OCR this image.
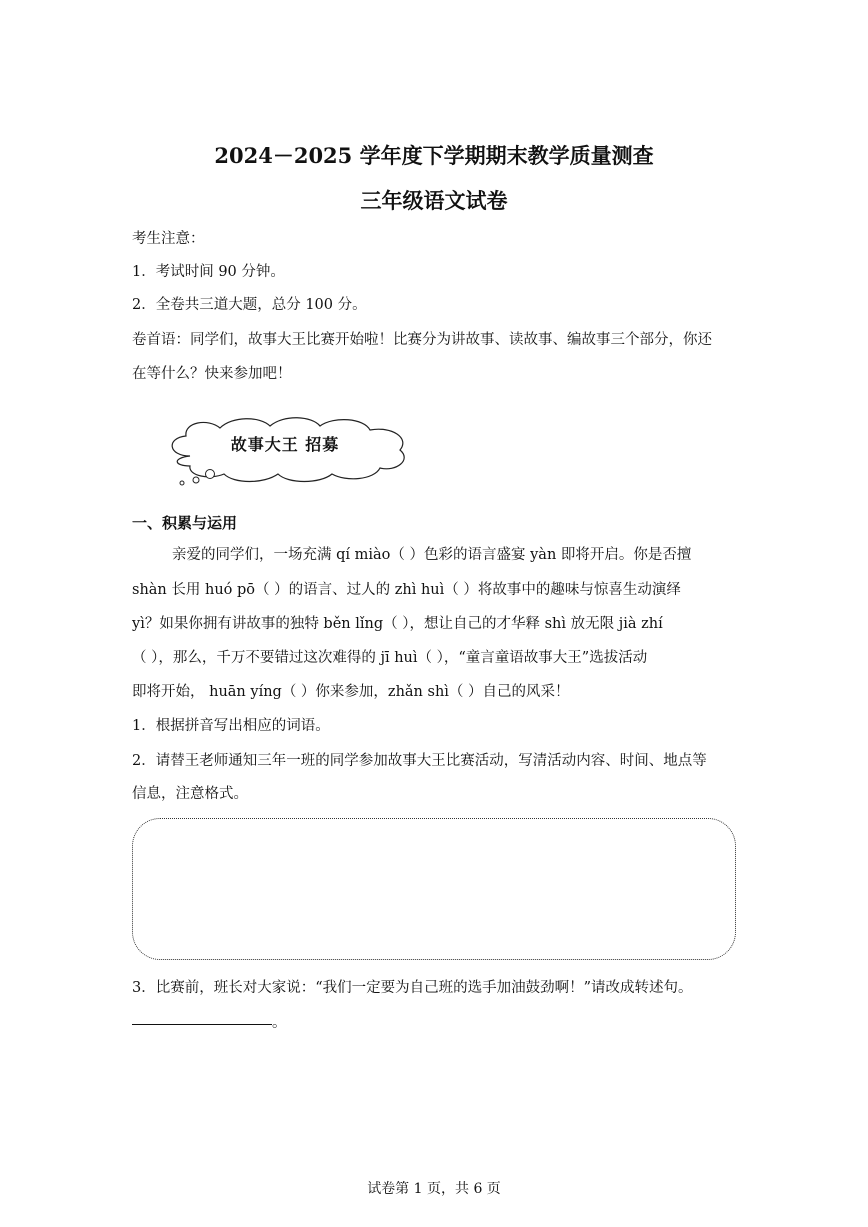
2024－2025 学年度下学期期末教学质量测查
三年级语文试卷
考生注意：
1．考试时间 90 分钟。
2．全卷共三道大题，总分 100 分。
卷首语：同学们，故事大王比赛开始啦！比赛分为讲故事、读故事、编故事三个部分，你还
在等什么？快来参加吧！
故事大王 招募
一、积累与运用
亲爱的同学们，一场充满 qí miào（ ）色彩的语言盛宴 yàn 即将开启。你是否擅
shàn 长用 huó pō（ ）的语言、过人的 zhì huì（ ）将故事中的趣味与惊喜生动演绎
yì？如果你拥有讲故事的独特 běn lǐng（ ），想让自己的才华释 shì 放无限 jià zhí
（ ），那么，千万不要错过这次难得的 jī huì（ ），“童言童语故事大王”选拔活动
即将开始， huān yíng（ ）你来参加，zhǎn shì（ ）自己的风采！
1．根据拼音写出相应的词语。
2．请替王老师通知三年一班的同学参加故事大王比赛活动，写清活动内容、时间、地点等
信息，注意格式。
3．比赛前，班长对大家说：“我们一定要为自己班的选手加油鼓劲啊！”请改成转述句。
。
试卷第 1 页，共 6 页
